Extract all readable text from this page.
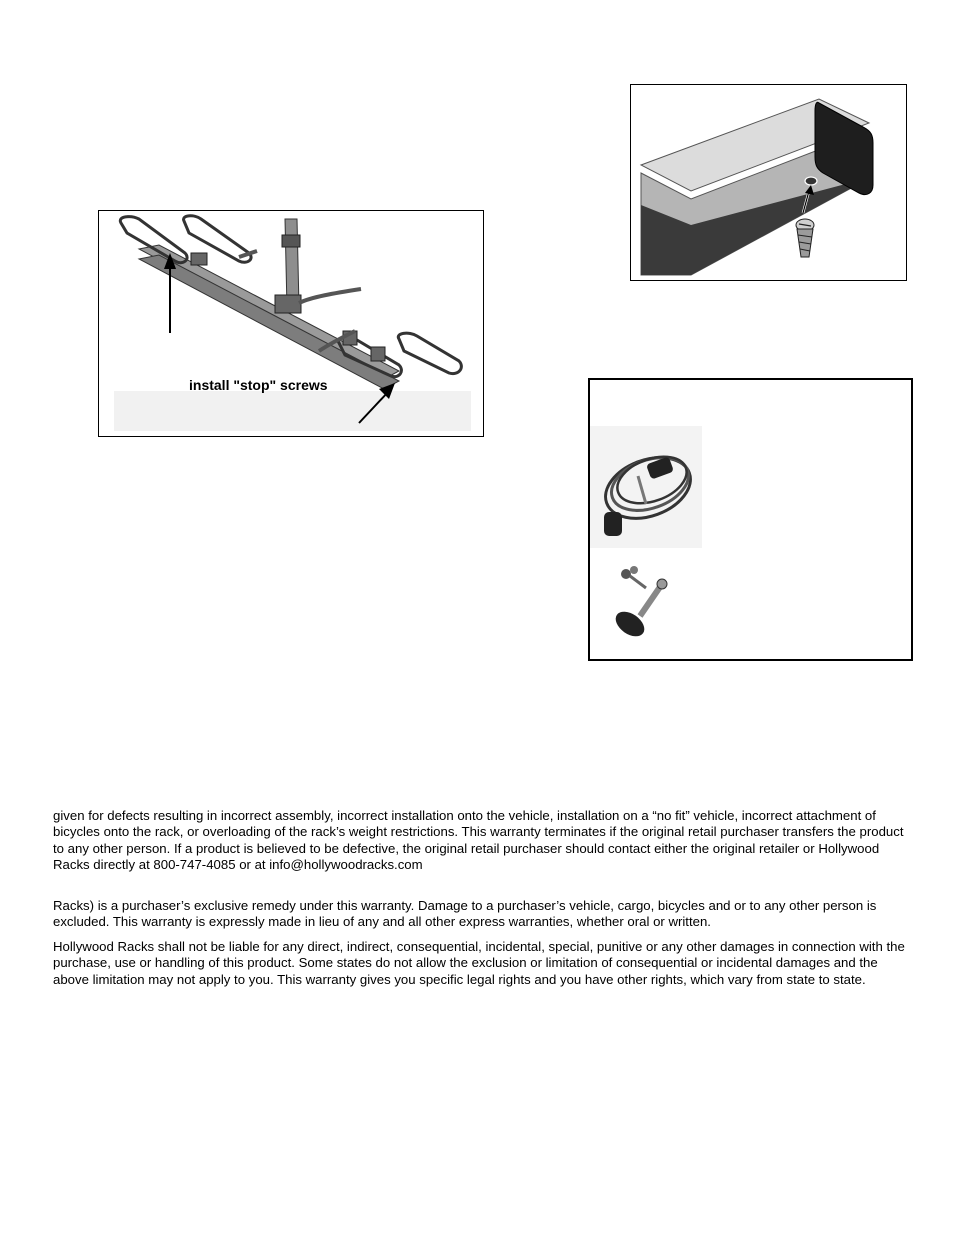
install "stop" screws

given for defects resulting in incorrect assembly, incorrect installation onto the vehicle, installation on a “no fit” vehicle, incorrect attachment of bicycles onto the rack, or overloading of the rack’s weight restrictions. This warranty terminates if the original retail purchaser transfers the product to any other person. If a product is believed to be defective, the original retail purchaser should contact either the original retailer or Hollywood Racks directly at 800-747-4085 or at info@hollywoodracks.com

Racks) is a purchaser’s exclusive remedy under this warranty. Damage to a purchaser’s vehicle, cargo, bicycles and or to any other person is excluded. This warranty is expressly made in lieu of any and all other express warranties, whether oral or written.

Hollywood Racks shall not be liable for any direct, indirect, consequential, incidental, special, punitive or any other damages in connection with the purchase, use or handling of this product. Some states do not allow the exclusion or limitation of consequential or incidental damages and the above limitation may not apply to you. This warranty gives you specific legal rights and you have other rights, which vary from state to state.
